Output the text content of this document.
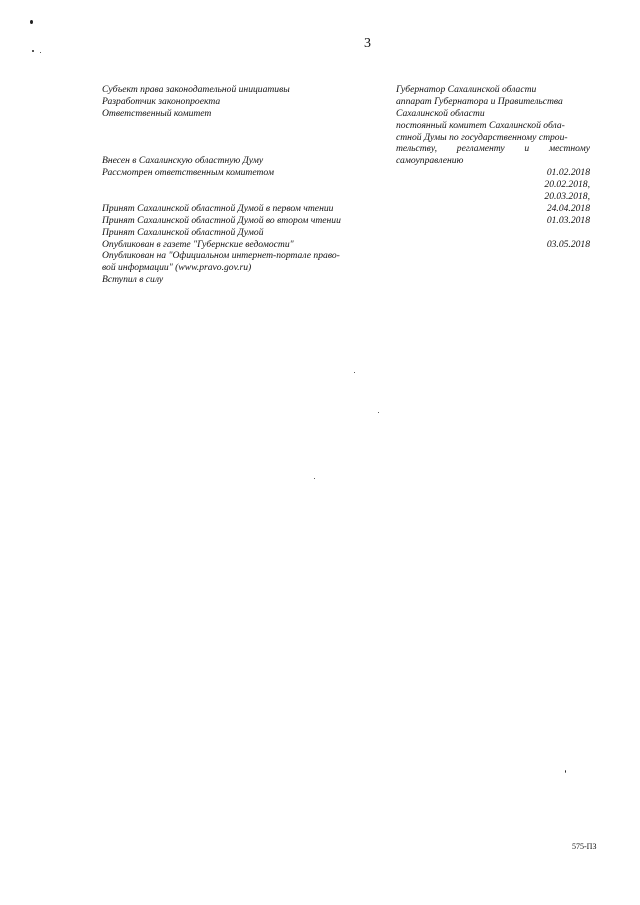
3
Субъект права законодательной инициативы
Разработчик законопроекта
Ответственный комитет
Внесен в Сахалинскую областную Думу
Рассмотрен ответственным комитетом
Принят Сахалинской областной Думой в первом чтении
Принят Сахалинской областной Думой во втором чтении
Принят Сахалинской областной Думой
Опубликован в газете "Губернские ведомости"
Опубликован на "Официальном интернет-портале право-
вой информации" (www.pravo.gov.ru)
Вступил в силу
Губернатор Сахалинской области
аппарат Губернатора и Правительства
Сахалинской области
постоянный комитет Сахалинской обла-
стной Думы по государственному строи-
тельству, регламенту и местному
самоуправлению
01.02.2018
20.02.2018,
20.03.2018,
24.04.2018
01.03.2018
03.05.2018
575-ПЗ
